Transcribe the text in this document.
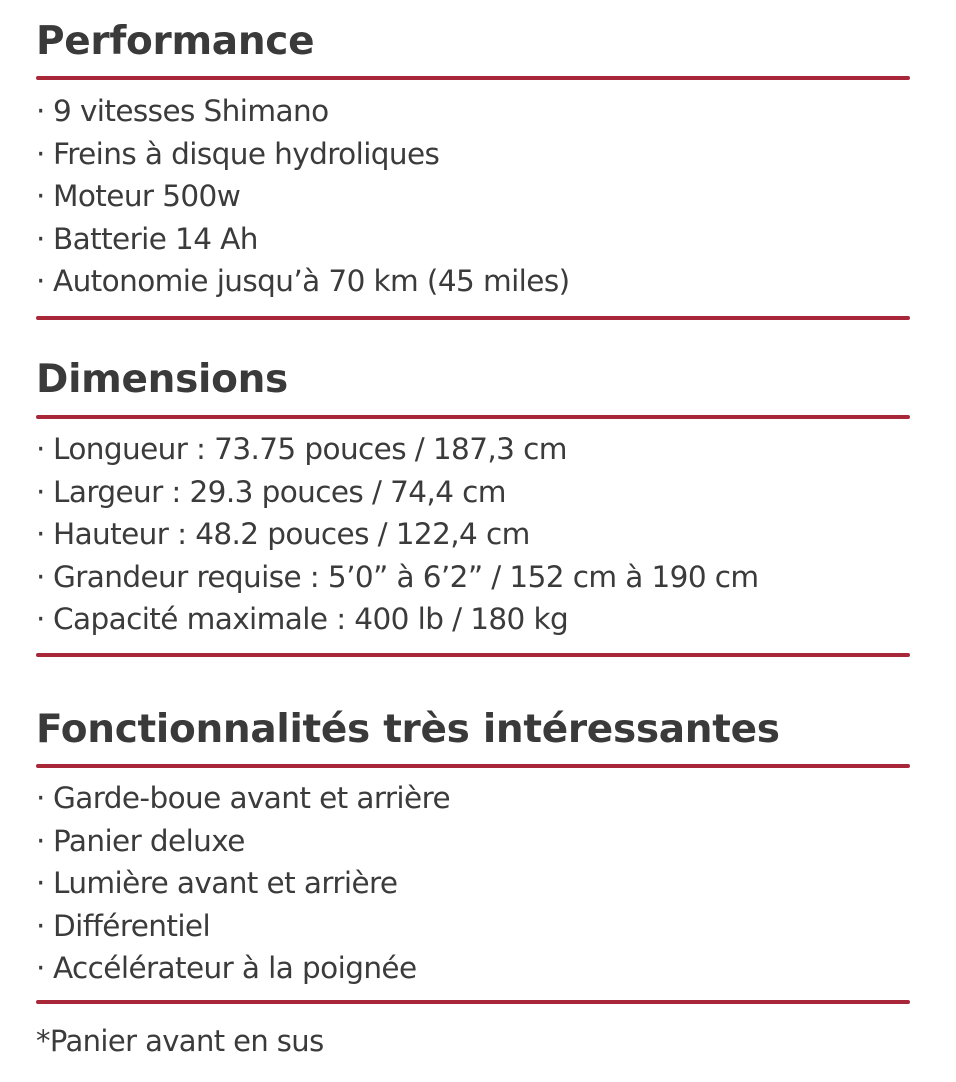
Performance
· 9 vitesses Shimano
· Freins à disque hydroliques
· Moteur 500w
· Batterie 14 Ah
· Autonomie jusqu’à 70 km (45 miles)
Dimensions
· Longueur : 73.75 pouces / 187,3 cm
· Largeur : 29.3 pouces / 74,4 cm
· Hauteur : 48.2 pouces / 122,4 cm
· Grandeur requise : 5’0” à 6’2” / 152 cm à 190 cm
· Capacité maximale : 400 lb / 180 kg
Fonctionnalités très intéressantes
· Garde-boue avant et arrière
· Panier deluxe
· Lumière avant et arrière
· Différentiel
· Accélérateur à la poignée
*Panier avant en sus
